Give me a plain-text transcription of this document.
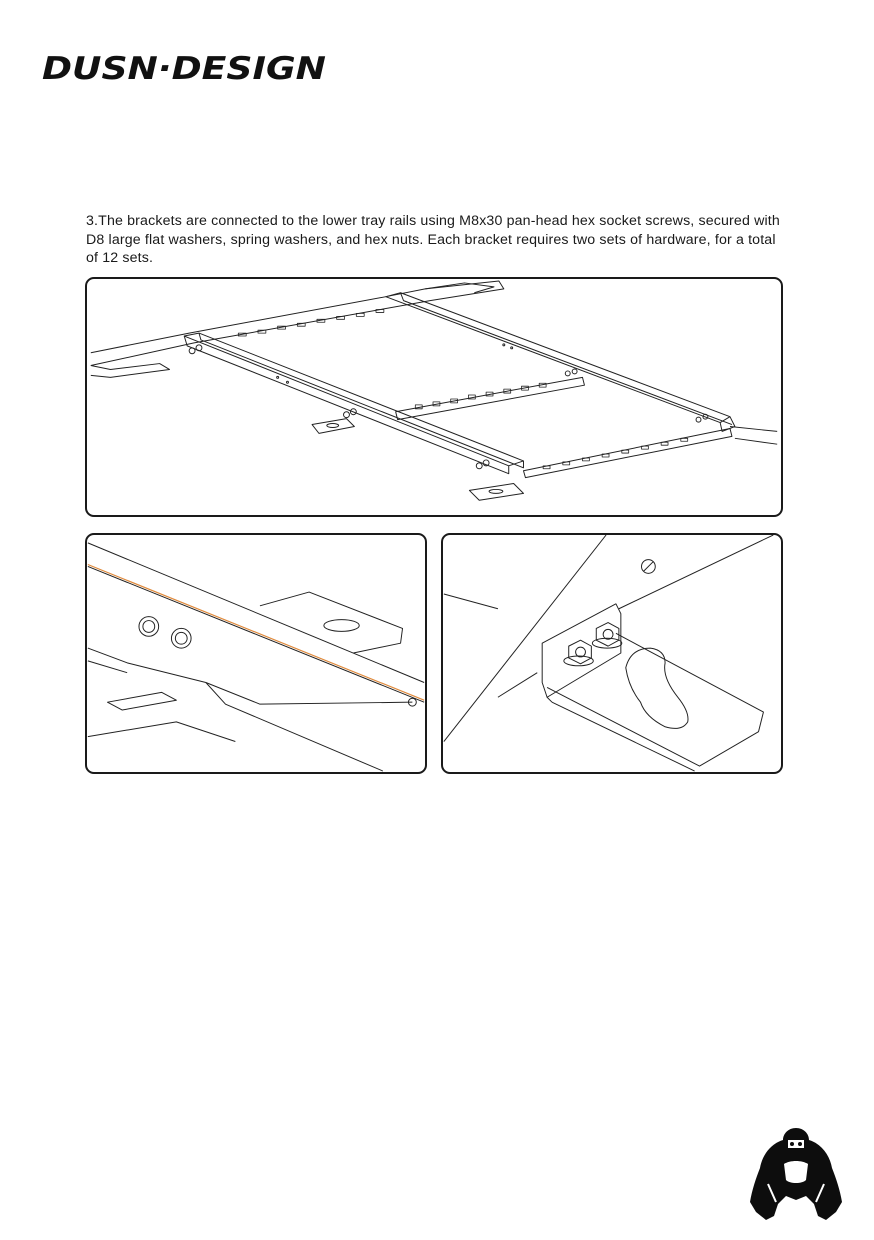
DUSN·DESIGN

3.The brackets are connected to the lower tray rails using M8x30 pan-head hex socket screws, secured with D8 large flat washers, spring washers, and hex nuts. Each bracket requires two sets of hardware, for a total of 12 sets.
